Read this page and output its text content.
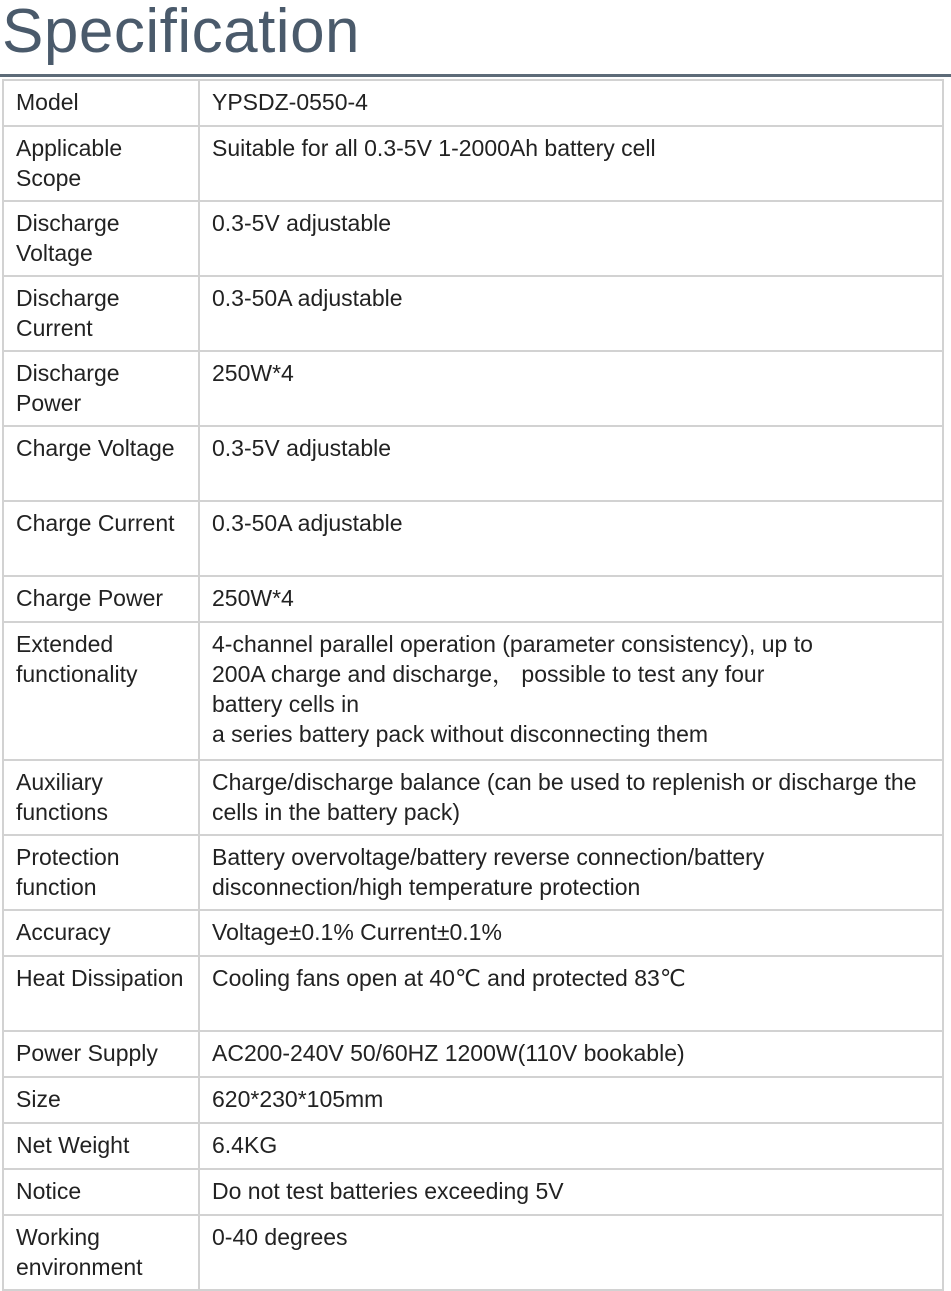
Specification
Model	YPSDZ-0550-4
Applicable Scope	Suitable for all 0.3-5V 1-2000Ah battery cell
Discharge Voltage	0.3-5V adjustable
Discharge Current	0.3-50A adjustable
Discharge Power	250W*4
Charge Voltage	0.3-5V adjustable
Charge Current	0.3-50A adjustable
Charge Power	250W*4
Extended functionality	4-channel parallel operation (parameter consistency), up to
200A charge and discharge， possible to test any four
battery cells in
a series battery pack without disconnecting them

Auxiliary functions	Charge/discharge balance (can be used to replenish or discharge the cells in the battery pack)
Protection function	Battery overvoltage/battery reverse connection/battery disconnection/high temperature protection
Accuracy	Voltage±0.1% Current±0.1%
Heat Dissipation	Cooling fans open at 40℃ and protected 83℃
Power Supply	AC200-240V 50/60HZ 1200W(110V bookable)
Size	620*230*105mm
Net Weight	6.4KG
Notice	Do not test batteries exceeding 5V
Working environment	0-40 degrees
